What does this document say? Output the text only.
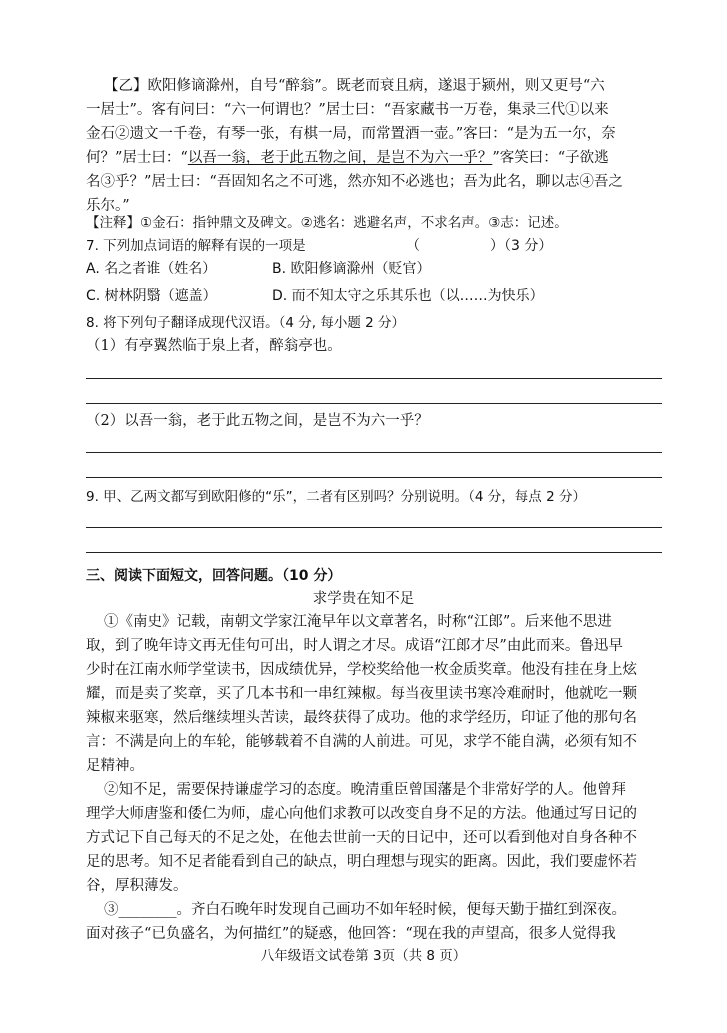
【乙】欧阳修谪滁州，自号“醉翁”。既老而衰且病，遂退于颍州，则又更号“六
一居士”。客有问曰：“六一何谓也？”居士曰：“吾家藏书一万卷，集录三代①以来
金石②遗文一千卷，有琴一张，有棋一局，而常置酒一壶。”客曰：“是为五一尔，奈
何？”居士曰：“以吾一翁，老于此五物之间，是岂不为六一乎？”客笑曰：“子欲逃
名③乎？”居士曰：“吾固知名之不可逃，然亦知不必逃也；吾为此名，聊以志④吾之
乐尔。”
【注释】①金石：指钟鼎文及碑文。②逃名：逃避名声，不求名声。③志：记述。
7. 下列加点词语的解释有误的一项是	（　　　　　）（3 分）
A. 名之者谁（姓名）	B. 欧阳修谪滁州（贬官）
C. 树林阴翳（遮盖）	D. 而不知太守之乐其乐也（以……为快乐）
8. 将下列句子翻译成现代汉语。（4 分, 每小题 2 分）
（1）有亭翼然临于泉上者，醉翁亭也。
（2）以吾一翁，老于此五物之间，是岂不为六一乎？
9. 甲、乙两文都写到欧阳修的“乐”，二者有区别吗？分别说明。（4 分，每点 2 分）
三、阅读下面短文，回答问题。（10 分）
求学贵在知不足
①《南史》记载，南朝文学家江淹早年以文章著名，时称“江郎”。后来他不思进
取，到了晚年诗文再无佳句可出，时人谓之才尽。成语“江郎才尽”由此而来。鲁迅早
少时在江南水师学堂读书，因成绩优异，学校奖给他一枚金质奖章。他没有挂在身上炫
耀，而是卖了奖章，买了几本书和一串红辣椒。每当夜里读书寒冷难耐时，他就吃一颗
辣椒来驱寒，然后继续埋头苦读，最终获得了成功。他的求学经历，印证了他的那句名
言：不满是向上的车轮，能够载着不自满的人前进。可见，求学不能自满，必须有知不
足精神。
②知不足，需要保持谦虚学习的态度。晚清重臣曾国藩是个非常好学的人。他曾拜
理学大师唐鉴和倭仁为师，虚心向他们求教可以改变自身不足的方法。他通过写日记的
方式记下自己每天的不足之处，在他去世前一天的日记中，还可以看到他对自身各种不
足的思考。知不足者能看到自己的缺点，明白理想与现实的距离。因此，我们要虚怀若
谷，厚积薄发。
③________。齐白石晚年时发现自己画功不如年轻时候，便每天勤于描红到深夜。
面对孩子“已负盛名，为何描红”的疑惑，他回答：“现在我的声望高，很多人觉得我
八年级语文试卷第 3页（共 8 页）
